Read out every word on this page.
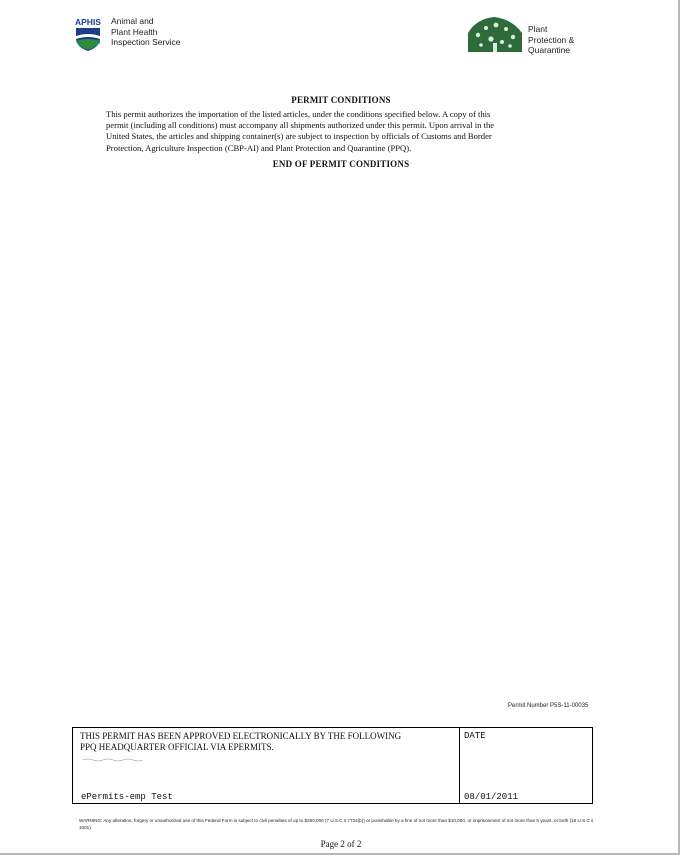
APHIS Animal and
Plant Health
Inspection Service
Plant
Protection &
Quarantine
PERMIT CONDITIONS
This permit authorizes the importation of the listed articles, under the conditions specified below. A copy of this
permit (including all conditions) must accompany all shipments authorized under this permit. Upon arrival in the
United States, the articles and shipping container(s) are subject to inspection by officials of Customs and Border
Protection, Agriculture Inspection (CBP-AI) and Plant Protection and Quarantine (PPQ).
END OF PERMIT CONDITIONS
Permit Number P5S-11-00035
THIS PERMIT HAS BEEN APPROVED ELECTRONICALLY BY THE FOLLOWING
PPQ HEADQUARTER OFFICIAL VIA EPERMITS.
ePermits-emp Test
DATE
08/01/2011
WARNING: Any alteration, forgery or unauthorized use of this Federal Form is subject to civil penalties of up to $250,000 (7 U.S.C s 7734(b)) or punishable by a fine of not more than $10,000, or imprisonment of not more than 5 years, or both (18 U.S.C s 1001)
Page 2 of 2
